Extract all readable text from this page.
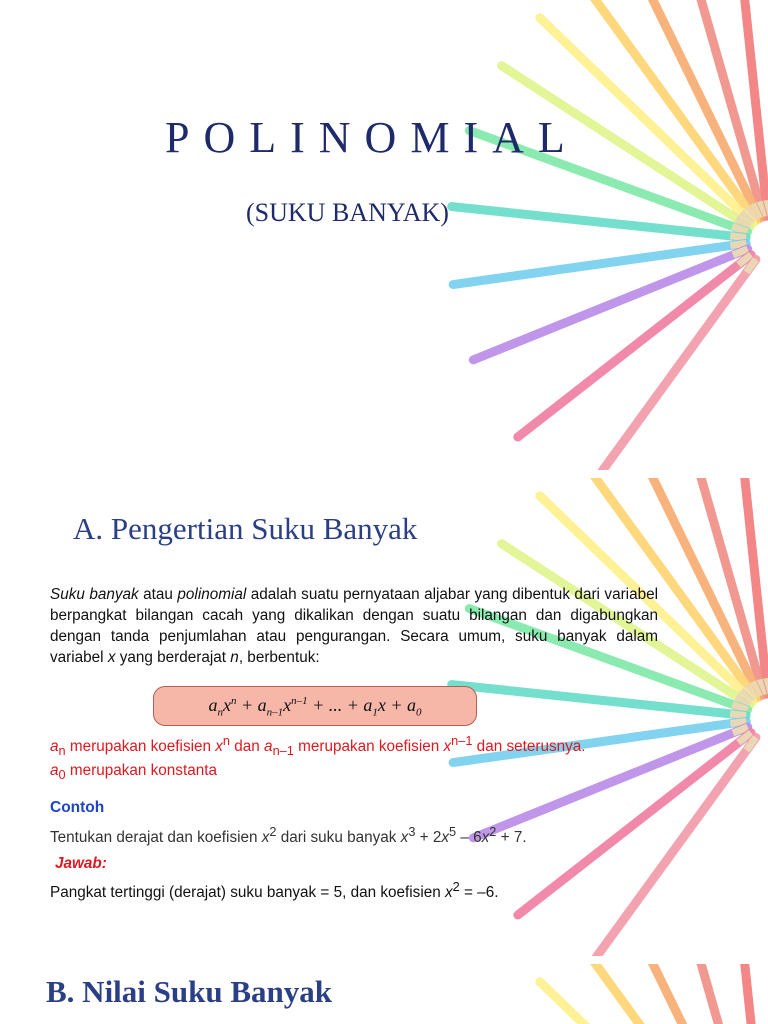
POLINOMIAL
(SUKU BANYAK)
A. Pengertian Suku Banyak
Suku banyak atau polinomial adalah suatu pernyataan aljabar yang dibentuk dari variabel berpangkat bilangan cacah yang dikalikan dengan suatu bilangan dan digabungkan dengan tanda penjumlahan atau pengurangan. Secara umum, suku banyak dalam variabel x yang berderajat n, berbentuk:
$a_nx^n + a_{n-1}x^{n-1}$ + ... + $a_1x + a_0$
$a_n$ merupakan koefisien $x^n$ dan $a_{n-1}$ merupakan koefisien $x^{n-1}$ dan seterusnya.
$a_0$ merupakan konstanta
Contoh
Tentukan derajat dan koefisien $x^2$ dari suku banyak $x^3 + 2x^5 - 6x^2 + 7$.
Jawab:
Pangkat tertinggi (derajat) suku banyak = 5, dan koefisien $x^2 = -6$.
B. Nilai Suku Banyak
